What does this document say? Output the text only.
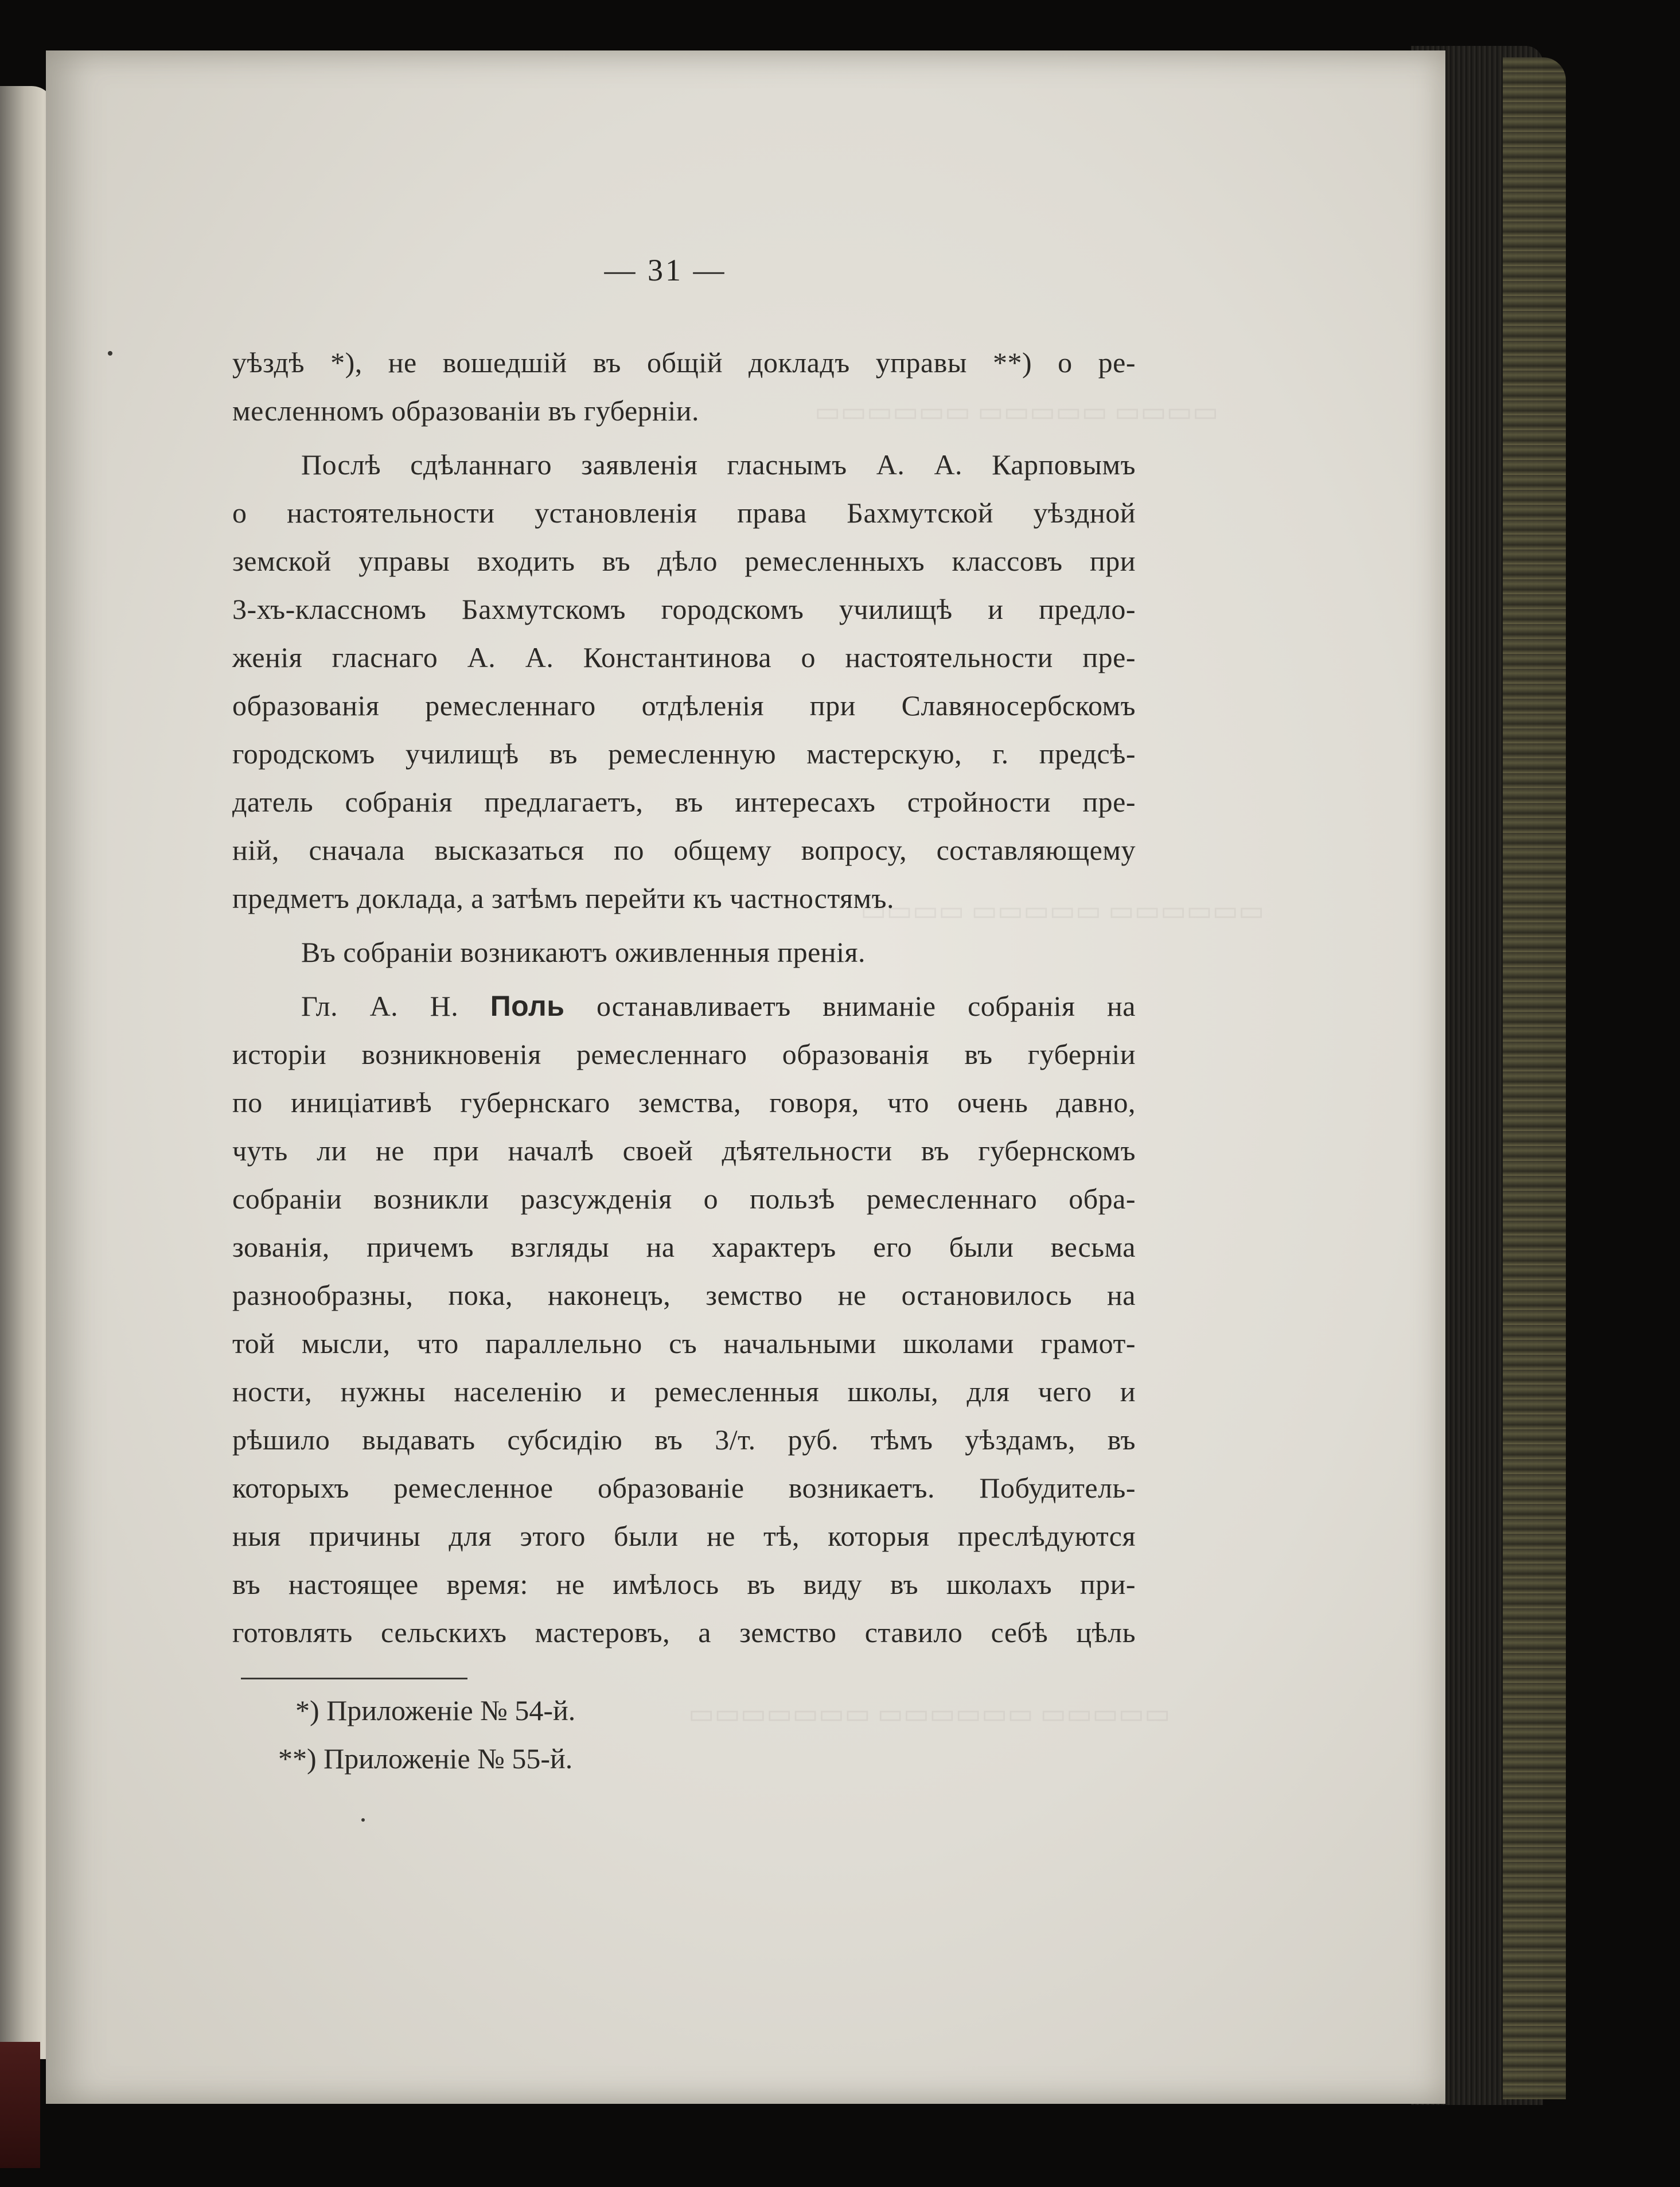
▭▭▭▭ ▭▭▭▭▭ ▭▭▭▭▭▭
▭▭▭▭▭▭ ▭▭▭▭▭ ▭▭▭▭
▭▭▭▭▭ ▭▭▭▭▭▭ ▭▭▭▭▭▭▭
— 31 —
уѣздѣ *), не вошедшій въ общій докладъ управы **) о ре-
месленномъ образованіи въ губерніи.
Послѣ сдѣланнаго заявленія гласнымъ А. А. Карповымъ
о настоятельности установленія права Бахмутской уѣздной
земской управы входить въ дѣло ремесленныхъ классовъ при
3-хъ-классномъ Бахмутскомъ городскомъ училищѣ и предло-
женія гласнаго А. А. Константинова о настоятельности пре-
образованія ремесленнаго отдѣленія при Славяносербскомъ
городскомъ училищѣ въ ремесленную мастерскую, г. предсѣ-
датель собранія предлагаетъ, въ интересахъ стройности пре-
ній, сначала высказаться по общему вопросу, составляющему
предметъ доклада, а затѣмъ перейти къ частностямъ.
Въ собраніи возникаютъ оживленныя пренія.
Гл. А. Н. Поль останавливаетъ вниманіе собранія на
исторіи возникновенія ремесленнаго образованія въ губерніи
по иниціативѣ губернскаго земства, говоря, что очень давно,
чуть ли не при началѣ своей дѣятельности въ губернскомъ
собраніи возникли разсужденія о пользѣ ремесленнаго обра-
зованія, причемъ взгляды на характеръ его были весьма
разнообразны, пока, наконецъ, земство не остановилось на
той мысли, что параллельно съ начальными школами грамот-
ности, нужны населенію и ремесленныя школы, для чего и
рѣшило выдавать субсидію въ 3/т. руб. тѣмъ уѣздамъ, въ
которыхъ ремесленное образованіе возникаетъ. Побудитель-
ныя причины для этого были не тѣ, которыя преслѣдуются
въ настоящее время: не имѣлось въ виду въ школахъ при-
готовлять сельскихъ мастеровъ, а земство ставило себѣ цѣль
*) Приложеніе № 54-й.
**) Приложеніе № 55-й.
